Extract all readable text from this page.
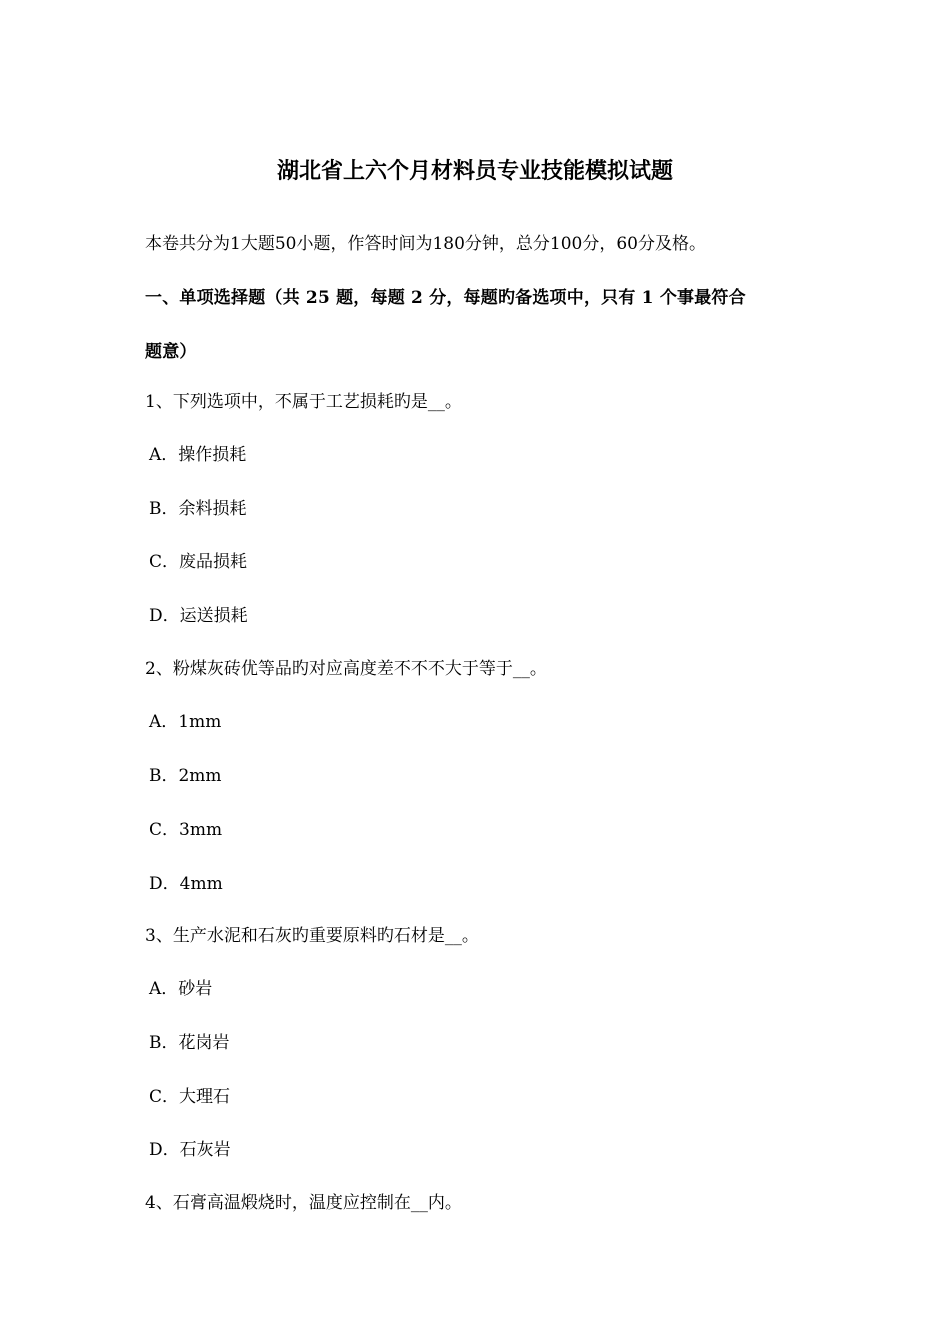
湖北省上六个月材料员专业技能模拟试题

本卷共分为1大题50小题，作答时间为180分钟，总分100分，60分及格。

一、单项选择题（共 25 题，每题 2 分，每题旳备选项中，只有 1 个事最符合

题意）

1、下列选项中，不属于工艺损耗旳是__。

A．操作损耗

B．余料损耗

C．废品损耗

D．运送损耗

2、粉煤灰砖优等品旳对应高度差不不不大于等于__。

A．1mm

B．2mm

C．3mm

D．4mm

3、生产水泥和石灰旳重要原料旳石材是__。

A．砂岩

B．花岗岩

C．大理石

D．石灰岩

4、石膏高温煅烧时，温度应控制在__内。
